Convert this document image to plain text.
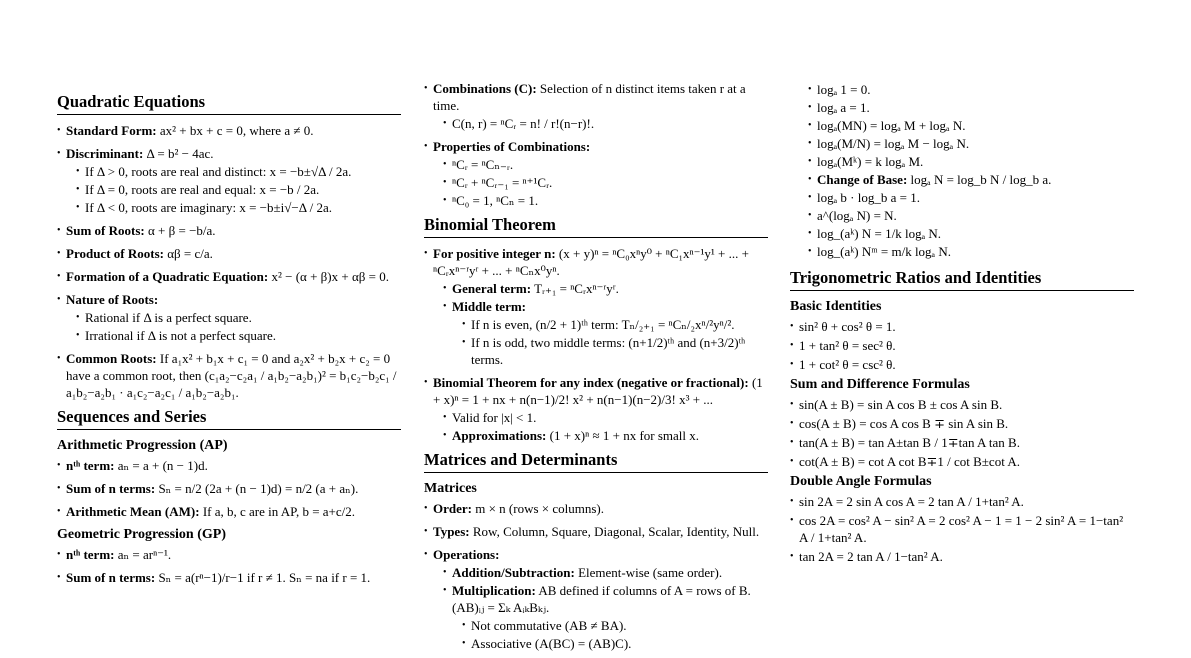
Quadratic Equations
• Standard Form: ax² + bx + c = 0, where a ≠ 0.
• Discriminant: Δ = b² − 4ac.
• If Δ > 0, roots are real and distinct: x = −b±√Δ / 2a.
• If Δ = 0, roots are real and equal: x = −b / 2a.
• If Δ < 0, roots are imaginary: x = −b±i√−Δ / 2a.
• Sum of Roots: α + β = −b/a.
• Product of Roots: αβ = c/a.
• Formation of a Quadratic Equation: x² − (α + β)x + αβ = 0.
• Nature of Roots:
• Rational if Δ is a perfect square.
• Irrational if Δ is not a perfect square.
• Common Roots: If a₁x² + b₁x + c₁ = 0 and a₂x² + b₂x + c₂ = 0 have a common root, then (c₁a₂−c₂a₁ / a₁b₂−a₂b₁)² = b₁c₂−b₂c₁ / a₁b₂−a₂b₁ · a₁c₂−a₂c₁ / a₁b₂−a₂b₁.
Sequences and Series
Arithmetic Progression (AP)
• nᵗʰ term: aₙ = a + (n − 1)d.
• Sum of n terms: Sₙ = n/2 (2a + (n − 1)d) = n/2 (a + aₙ).
• Arithmetic Mean (AM): If a, b, c are in AP, b = a+c/2.
Geometric Progression (GP)
• nᵗʰ term: aₙ = arⁿ⁻¹.
• Sum of n terms: Sₙ = a(rⁿ−1)/r−1 if r ≠ 1. Sₙ = na if r = 1.
• Combinations (C): Selection of n distinct items taken r at a time.
• C(n, r) = ⁿCᵣ = n! / r!(n−r)!.
• Properties of Combinations:
• ⁿCᵣ = ⁿCₙ₋ᵣ.
• ⁿCᵣ + ⁿCᵣ₋₁ = ⁿ⁺¹Cᵣ.
• ⁿC₀ = 1, ⁿCₙ = 1.
Binomial Theorem
• For positive integer n: (x + y)ⁿ = ⁿC₀xⁿy⁰ + ⁿC₁xⁿ⁻¹y¹ + ... + ⁿCᵣxⁿ⁻ʳyʳ + ... + ⁿCₙx⁰yⁿ.
• General term: Tᵣ₊₁ = ⁿCᵣxⁿ⁻ʳyʳ.
• Middle term:
• If n is even, (n/2 + 1)ᵗʰ term: Tₙ/₂₊₁ = ⁿCₙ/₂xⁿ/²yⁿ/².
• If n is odd, two middle terms: (n+1/2)ᵗʰ and (n+3/2)ᵗʰ terms.
• Binomial Theorem for any index (negative or fractional): (1 + x)ⁿ = 1 + nx + n(n−1)/2! x² + n(n−1)(n−2)/3! x³ + ...
• Valid for |x| < 1.
• Approximations: (1 + x)ⁿ ≈ 1 + nx for small x.
Matrices and Determinants
Matrices
• Order: m × n (rows × columns).
• Types: Row, Column, Square, Diagonal, Scalar, Identity, Null.
• Operations:
• Addition/Subtraction: Element-wise (same order).
• Multiplication: AB defined if columns of A = rows of B. (AB)ᵢⱼ = Σₖ AᵢₖBₖⱼ.
• Not commutative (AB ≠ BA).
• Associative (A(BC) = (AB)C).
• logₐ 1 = 0.
• logₐ a = 1.
• logₐ(MN) = logₐ M + logₐ N.
• logₐ(M/N) = logₐ M − logₐ N.
• logₐ(Mᵏ) = k logₐ M.
• Change of Base: logₐ N = log_b N / log_b a.
• logₐ b · log_b a = 1.
• a^(logₐ N) = N.
• log_(aᵏ) N = 1/k logₐ N.
• log_(aᵏ) Nᵐ = m/k logₐ N.
Trigonometric Ratios and Identities
Basic Identities
• sin² θ + cos² θ = 1.
• 1 + tan² θ = sec² θ.
• 1 + cot² θ = csc² θ.
Sum and Difference Formulas
• sin(A ± B) = sin A cos B ± cos A sin B.
• cos(A ± B) = cos A cos B ∓ sin A sin B.
• tan(A ± B) = tan A±tan B / 1∓tan A tan B.
• cot(A ± B) = cot A cot B∓1 / cot B±cot A.
Double Angle Formulas
• sin 2A = 2 sin A cos A = 2 tan A / 1+tan² A.
• cos 2A = cos² A − sin² A = 2 cos² A − 1 = 1 − 2 sin² A = 1−tan² A / 1+tan² A.
• tan 2A = 2 tan A / 1−tan² A.
